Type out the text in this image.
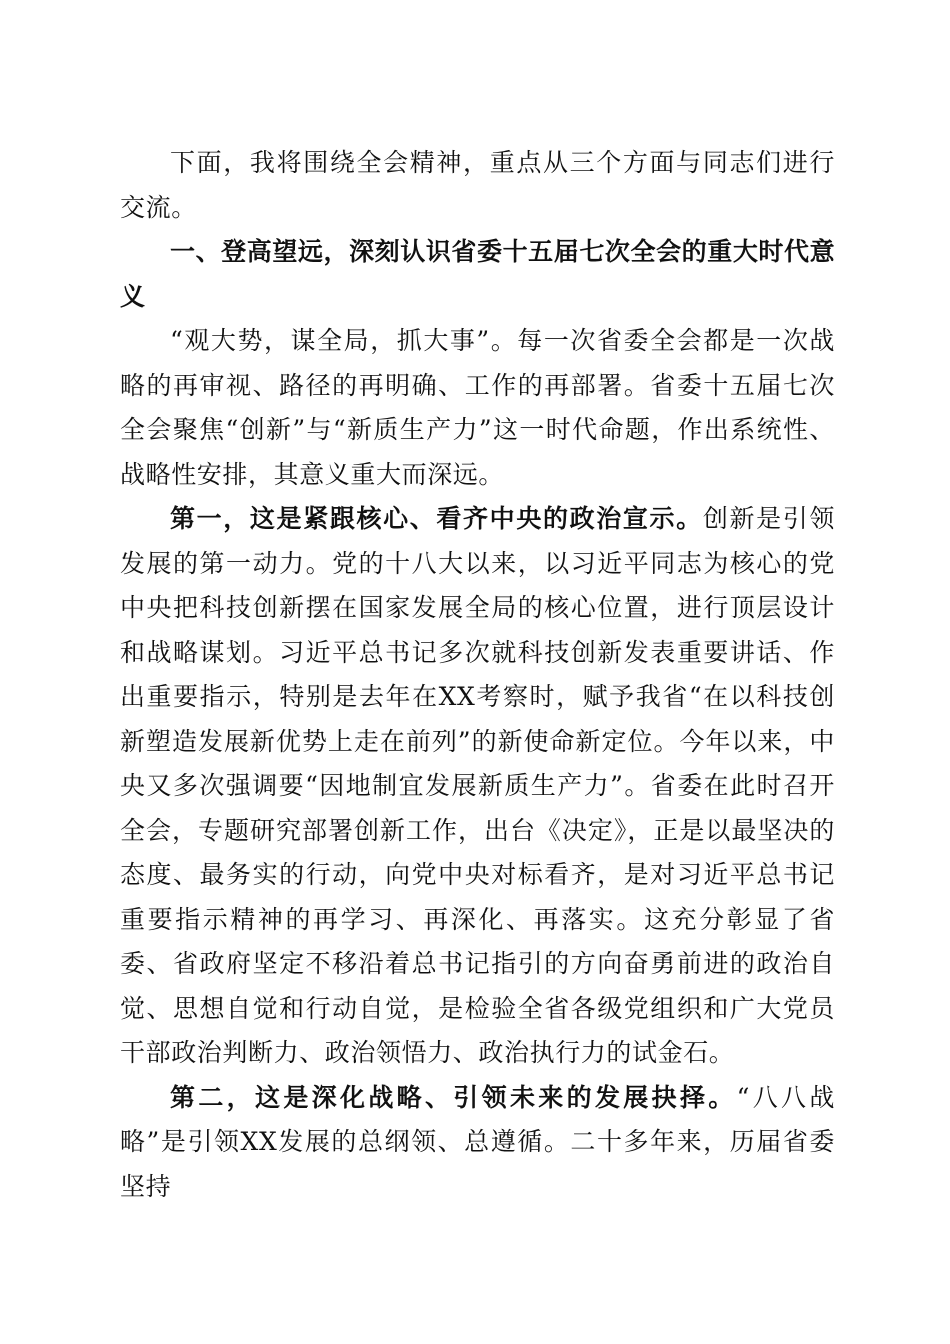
下面，我将围绕全会精神，重点从三个方面与同志们进行交流。

一、登高望远，深刻认识省委十五届七次全会的重大时代意义

“观大势，谋全局，抓大事”。每一次省委全会都是一次战略的再审视、路径的再明确、工作的再部署。省委十五届七次全会聚焦“创新”与“新质生产力”这一时代命题，作出系统性、战略性安排，其意义重大而深远。

第一，这是紧跟核心、看齐中央的政治宣示。创新是引领发展的第一动力。党的十八大以来，以习近平同志为核心的党中央把科技创新摆在国家发展全局的核心位置，进行顶层设计和战略谋划。习近平总书记多次就科技创新发表重要讲话、作出重要指示，特别是去年在XX考察时，赋予我省“在以科技创新塑造发展新优势上走在前列”的新使命新定位。今年以来，中央又多次强调要“因地制宜发展新质生产力”。省委在此时召开全会，专题研究部署创新工作，出台《决定》，正是以最坚决的态度、最务实的行动，向党中央对标看齐，是对习近平总书记重要指示精神的再学习、再深化、再落实。这充分彰显了省委、省政府坚定不移沿着总书记指引的方向奋勇前进的政治自觉、思想自觉和行动自觉，是检验全省各级党组织和广大党员干部政治判断力、政治领悟力、政治执行力的试金石。

第二，这是深化战略、引领未来的发展抉择。“八八战略”是引领XX发展的总纲领、总遵循。二十多年来，历届省委坚持
